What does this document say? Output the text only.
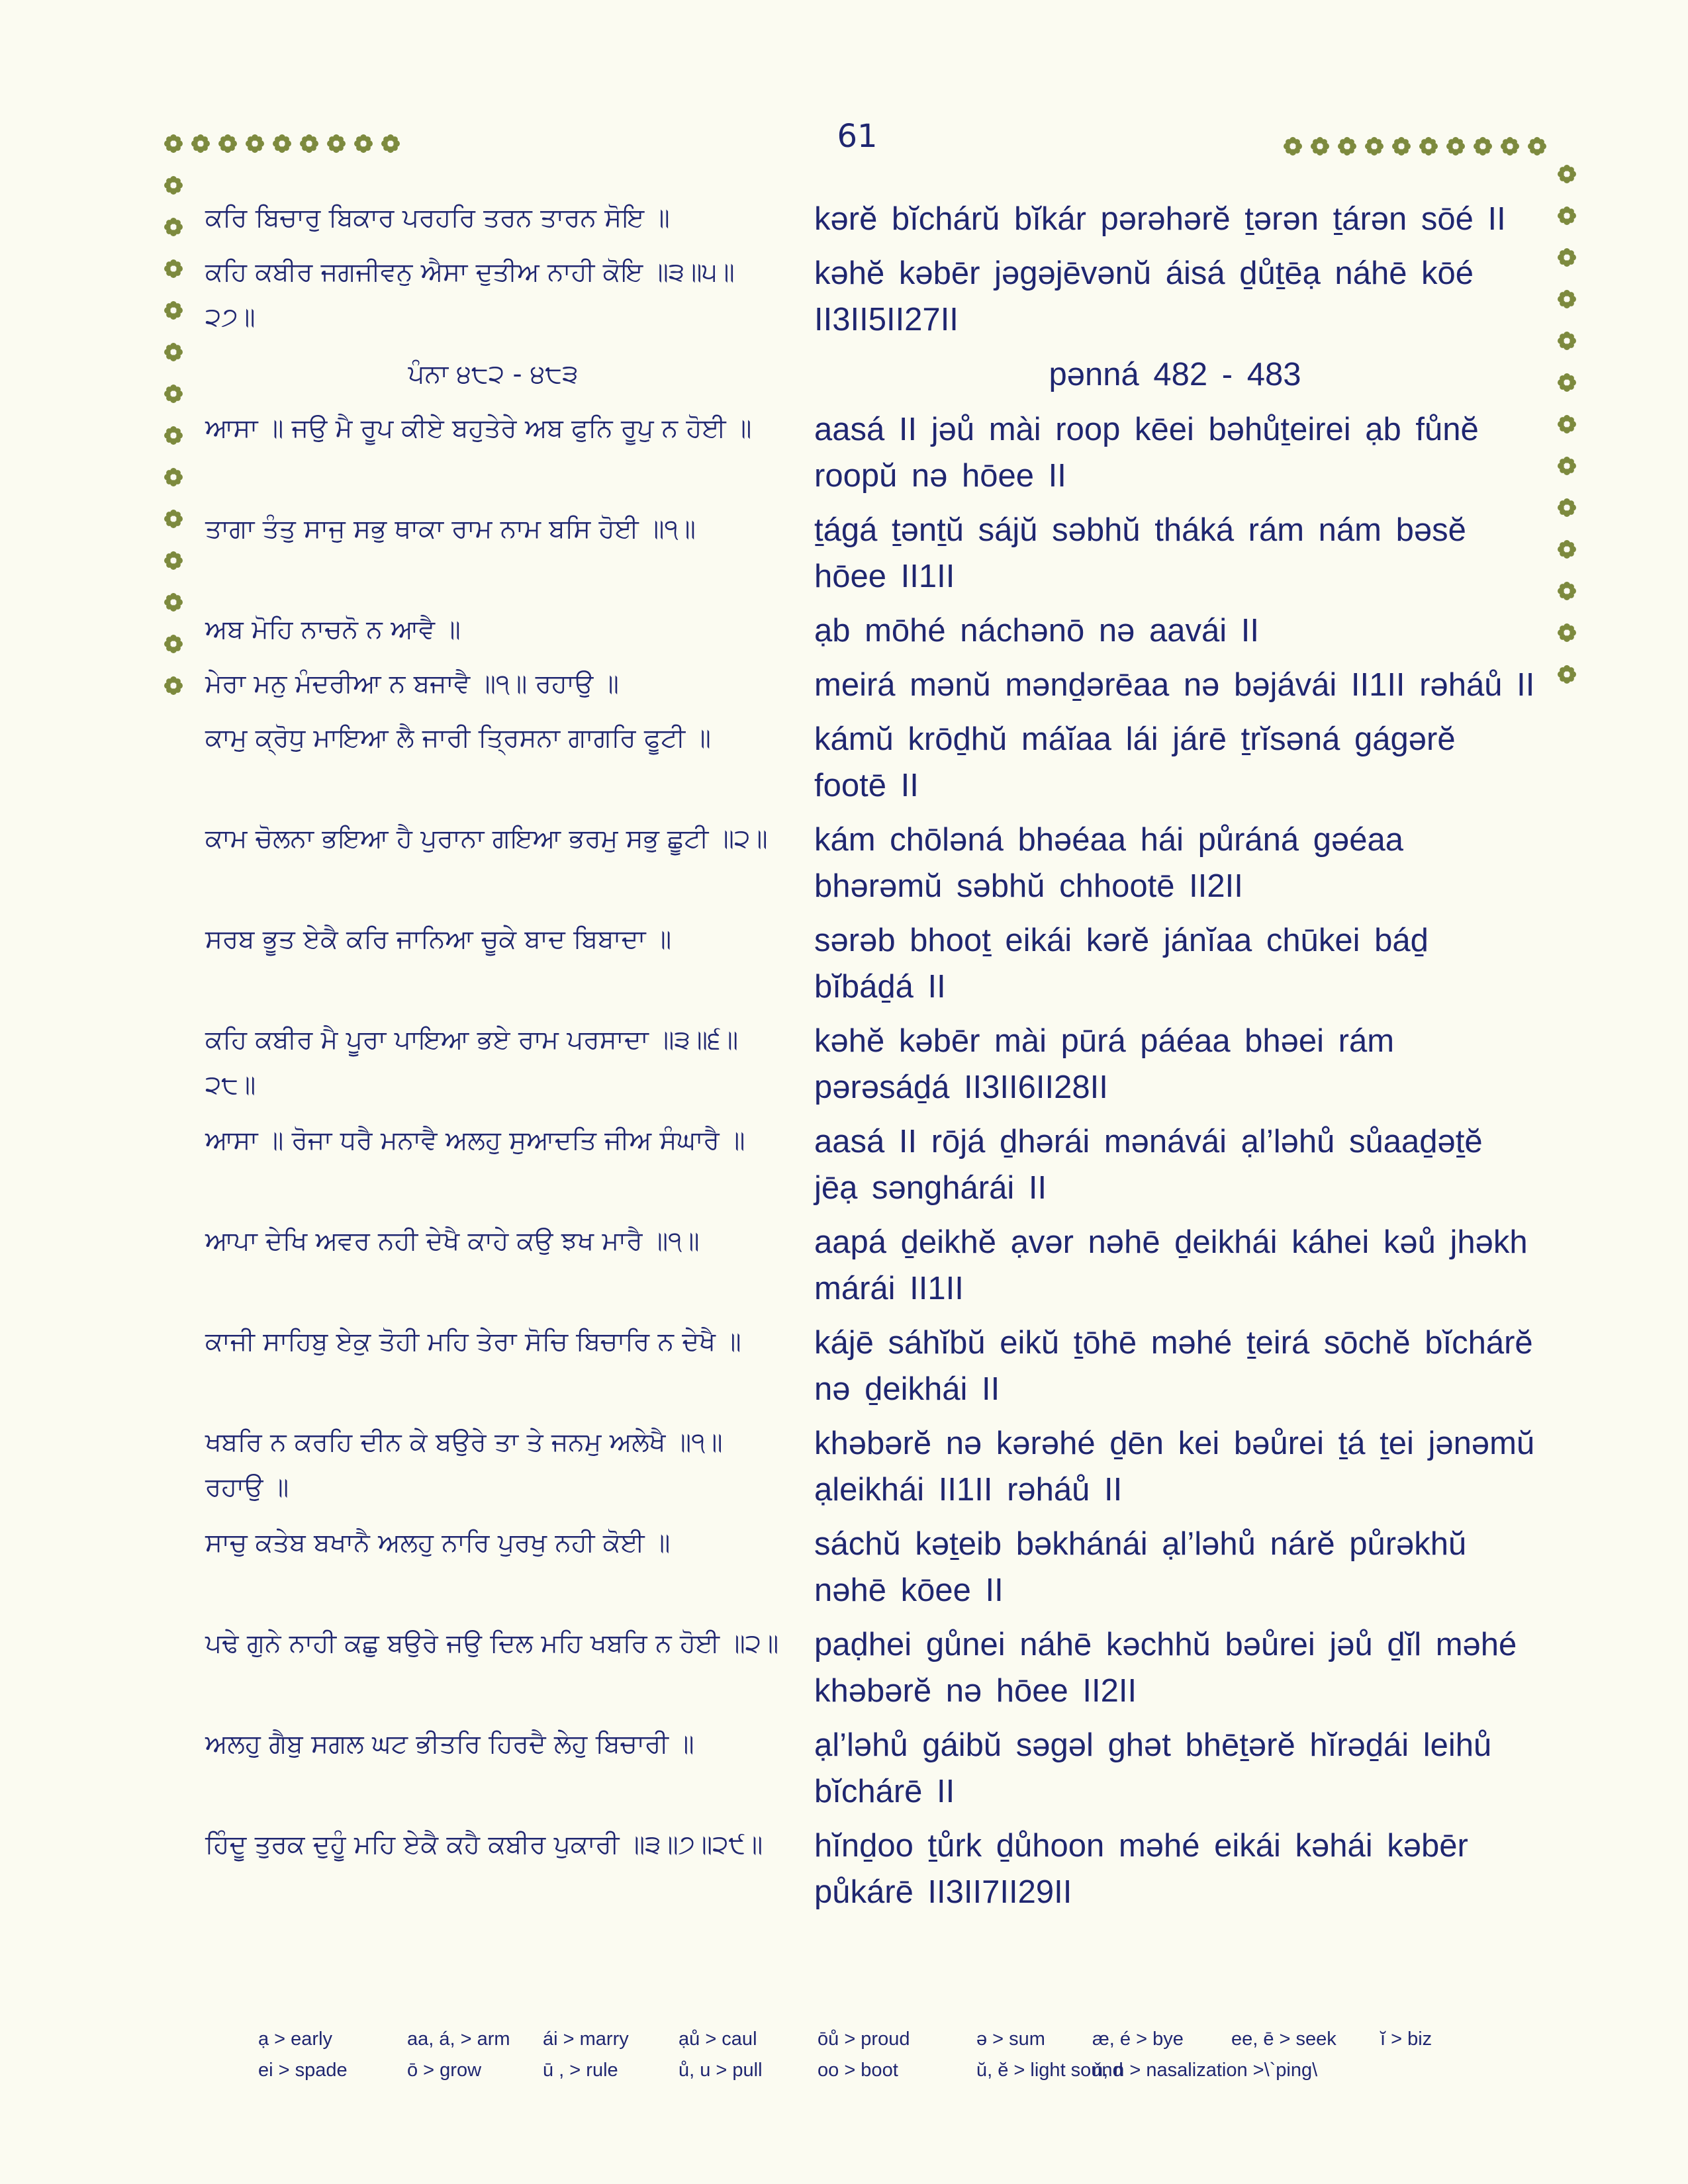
61
ਕਰਿ ਬਿਚਾਰੁ ਬਿਕਾਰ ਪਰਹਰਿ ਤਰਨ ਤਾਰਨ ਸੋਇ ॥	kərĕ bĭchárŭ bĭkár pərəhərĕ ṯərən ṯárən sōé II
ਕਹਿ ਕਬੀਰ ਜਗਜੀਵਨੁ ਐਸਾ ਦੁਤੀਅ ਨਾਹੀ ਕੋਇ ॥੩॥੫॥੨੭॥	kəhĕ kəbēr jəgəjēvənŭ áisá ḏůṯēạ náhē kōé II3II5II27II
ਪੰਨਾ ੪੮੨ - ੪੮੩	pənná 482 - 483
ਆਸਾ ॥ ਜਉ ਮੈ ਰੂਪ ਕੀਏ ਬਹੁਤੇਰੇ ਅਬ ਫੁਨਿ ਰੂਪੁ ਨ ਹੋਈ ॥	aasá II jəů mài roop kēei bəhůṯeirei ạb fůnĕ roopŭ nə hōee II
ਤਾਗਾ ਤੰਤੁ ਸਾਜੁ ਸਭੁ ਥਾਕਾ ਰਾਮ ਨਾਮ ਬਸਿ ਹੋਈ ॥੧॥	ṯágá ṯənṯŭ sájŭ səbhŭ tháká rám nám bəsĕ hōee II1II
ਅਬ ਮੋਹਿ ਨਾਚਨੋ ਨ ਆਵੈ ॥	ạb mōhé náchənō nə aavái II
ਮੇਰਾ ਮਨੁ ਮੰਦਰੀਆ ਨ ਬਜਾਵੈ ॥੧॥ ਰਹਾਉ ॥	meirá mənŭ mənḏərēaa nə bəjávái II1II rəháů II
ਕਾਮੁ ਕ੍ਰੋਧੁ ਮਾਇਆ ਲੈ ਜਾਰੀ ਤ੍ਰਿਸਨਾ ਗਾਗਰਿ ਫੂਟੀ ॥	kámŭ krōḏhŭ máĭaa lái járē ṯrĭsəná gágərĕ footē II
ਕਾਮ ਚੋਲਨਾ ਭਇਆ ਹੈ ਪੁਰਾਨਾ ਗਇਆ ਭਰਮੁ ਸਭੁ ਛੂਟੀ ॥੨॥	kám chōləná bhəéaa hái půráná gəéaa bhərəmŭ səbhŭ chhootē II2II
ਸਰਬ ਭੂਤ ਏਕੈ ਕਰਿ ਜਾਨਿਆ ਚੂਕੇ ਬਾਦ ਬਿਬਾਦਾ ॥	sərəb bhooṯ eikái kərĕ jánĭaa chūkei báḏ bĭbáḏá II
ਕਹਿ ਕਬੀਰ ਮੈ ਪੂਰਾ ਪਾਇਆ ਭਏ ਰਾਮ ਪਰਸਾਦਾ ॥੩॥੬॥੨੮॥	kəhĕ kəbēr mài pūrá páéaa bhəei rám pərəsáḏá II3II6II28II
ਆਸਾ ॥ ਰੋਜਾ ਧਰੈ ਮਨਾਵੈ ਅਲਹੁ ਸੁਆਦਤਿ ਜੀਅ ਸੰਘਾਰੈ ॥	aasá II rōjá ḏhərái mənávái ạl’ləhů sůaaḏəṯĕ jēạ sənghárái II
ਆਪਾ ਦੇਖਿ ਅਵਰ ਨਹੀ ਦੇਖੈ ਕਾਹੇ ਕਉ ਝਖ ਮਾਰੈ ॥੧॥	aapá ḏeikhĕ ạvər nəhē ḏeikhái káhei kəů jhəkh márái II1II
ਕਾਜੀ ਸਾਹਿਬੁ ਏਕੁ ਤੋਹੀ ਮਹਿ ਤੇਰਾ ਸੋਚਿ ਬਿਚਾਰਿ ਨ ਦੇਖੈ ॥	kájē sáhĭbŭ eikŭ ṯōhē məhé ṯeirá sōchĕ bĭchárĕ nə ḏeikhái II
ਖਬਰਿ ਨ ਕਰਹਿ ਦੀਨ ਕੇ ਬਉਰੇ ਤਾ ਤੇ ਜਨਮੁ ਅਲੇਖੈ ॥੧॥ ਰਹਾਉ ॥	khəbərĕ nə kərəhé ḏēn kei bəůrei ṯá ṯei jənəmŭ ạleikhái II1II rəháů II
ਸਾਚੁ ਕਤੇਬ ਬਖਾਨੈ ਅਲਹੁ ਨਾਰਿ ਪੁਰਖੁ ਨਹੀ ਕੋਈ ॥	sáchŭ kəṯeib bəkhánái ạl’ləhů nárĕ půrəkhŭ nəhē kōee II
ਪਢੇ ਗੁਨੇ ਨਾਹੀ ਕਛੁ ਬਉਰੇ ਜਉ ਦਿਲ ਮਹਿ ਖਬਰਿ ਨ ਹੋਈ ॥੨॥	paḍhei gůnei náhē kəchhŭ bəůrei jəů ḏĭl məhé khəbərĕ nə hōee II2II
ਅਲਹੁ ਗੈਬੁ ਸਗਲ ਘਟ ਭੀਤਰਿ ਹਿਰਦੈ ਲੇਹੁ ਬਿਚਾਰੀ ॥	ạl’ləhů gáibŭ səgəl ghət bhēṯərĕ hĭrəḏái leihů bĭchárē II
ਹਿੰਦੂ ਤੁਰਕ ਦੁਹੂੰ ਮਹਿ ਏਕੈ ਕਹੈ ਕਬੀਰ ਪੁਕਾਰੀ ॥੩॥੭॥੨੯॥	hĭnḏoo ṯůrk ḏůhoon məhé eikái kəhái kəbēr půkárē II3II7II29II
ạ > early	aa, á, > arm	ái > marry	ạů > caul	ōů > proud	ə > sum	æ, é > bye	ee, ē > seek	ĭ > biz
ei > spade	ō > grow	ū , > rule	ů, u > pull	oo > boot	ŭ, ĕ > light sound
ň, n > nasalization >\`ping\
